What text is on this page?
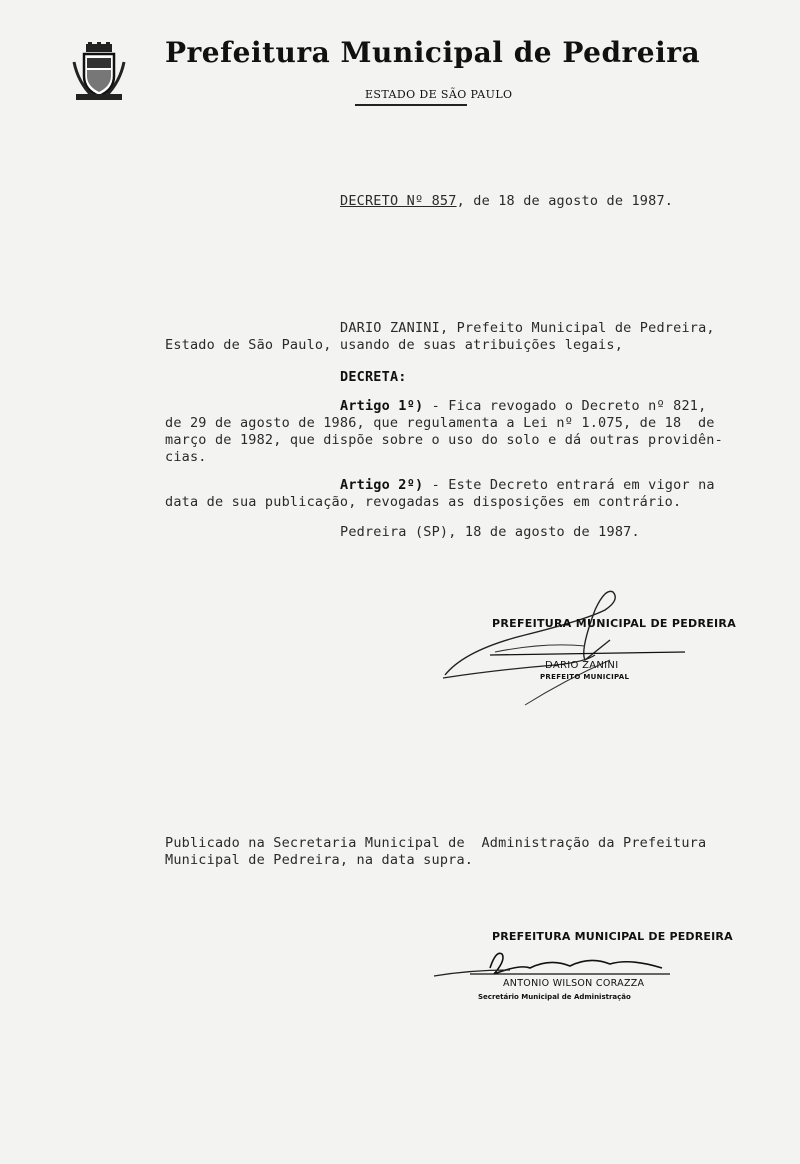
Prefeitura Municipal de Pedreira
ESTADO DE SÃO PAULO
DECRETO Nº 857, de 18 de agosto de 1987.
DARIO ZANINI, Prefeito Municipal de Pedreira,
Estado de São Paulo, usando de suas atribuições legais,
DECRETA:
Artigo 1º) - Fica revogado o Decreto nº 821,
de 29 de agosto de 1986, que regulamenta a Lei nº 1.075, de 18  de
março de 1982, que dispõe sobre o uso do solo e dá outras providên-
cias.
Artigo 2º) - Este Decreto entrará em vigor na
data de sua publicação, revogadas as disposições em contrário.
Pedreira (SP), 18 de agosto de 1987.
PREFEITURA MUNICIPAL DE PEDREIRA
DARIO ZANINI
PREFEITO MUNICIPAL
Publicado na Secretaria Municipal de  Administração da Prefeitura
Municipal de Pedreira, na data supra.
PREFEITURA MUNICIPAL DE PEDREIRA
ANTONIO WILSON CORAZZA
Secretário Municipal de Administração
